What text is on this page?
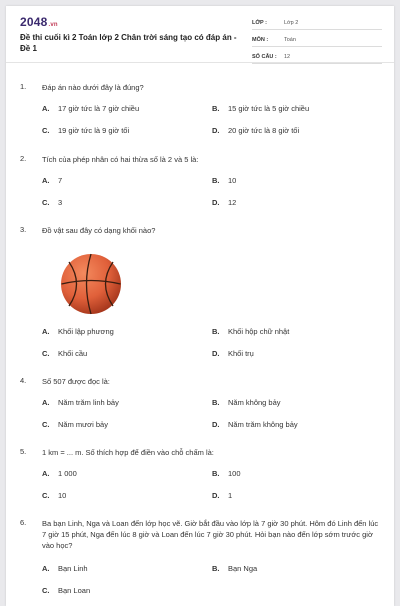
2048.vn
Đề thi cuối kì 2 Toán lớp 2 Chân trời sáng tạo có đáp án - Đề 1
LỚP :	Lớp 2
MÔN :	Toán
SỐ CÂU :	12
1.	Đáp án nào dưới đây là đúng?
A. 17 giờ tức là 7 giờ chiều	B. 15 giờ tức là 5 giờ chiều
C. 19 giờ tức là 9 giờ tối	D. 20 giờ tức là 8 giờ tối
2.	Tích của phép nhân có hai thừa số là 2 và 5 là:
A. 7	B. 10
C. 3	D. 12
3.	Đồ vật sau đây có dạng khối nào?
A. Khối lập phương	B. Khối hộp chữ nhật
C. Khối cầu	D. Khối trụ
4.	Số 507 được đọc là:
A. Năm trăm linh bảy	B. Năm không bảy
C. Năm mươi bảy	D. Năm trăm không bảy
5.	1 km = ... m. Số thích hợp để điền vào chỗ chấm là:
A. 1 000	B. 100
C. 10	D. 1
6.	Ba bạn Linh, Nga và Loan đến lớp học vẽ. Giờ bắt đầu vào lớp là 7 giờ 30 phút. Hôm đó Linh đến lúc 7 giờ 15 phút, Nga đến lúc 8 giờ và Loan đến lúc 7 giờ 30 phút. Hỏi bạn nào đến lớp sớm trước giờ vào học?
A. Bạn Linh	B. Bạn Nga
C. Bạn Loan
